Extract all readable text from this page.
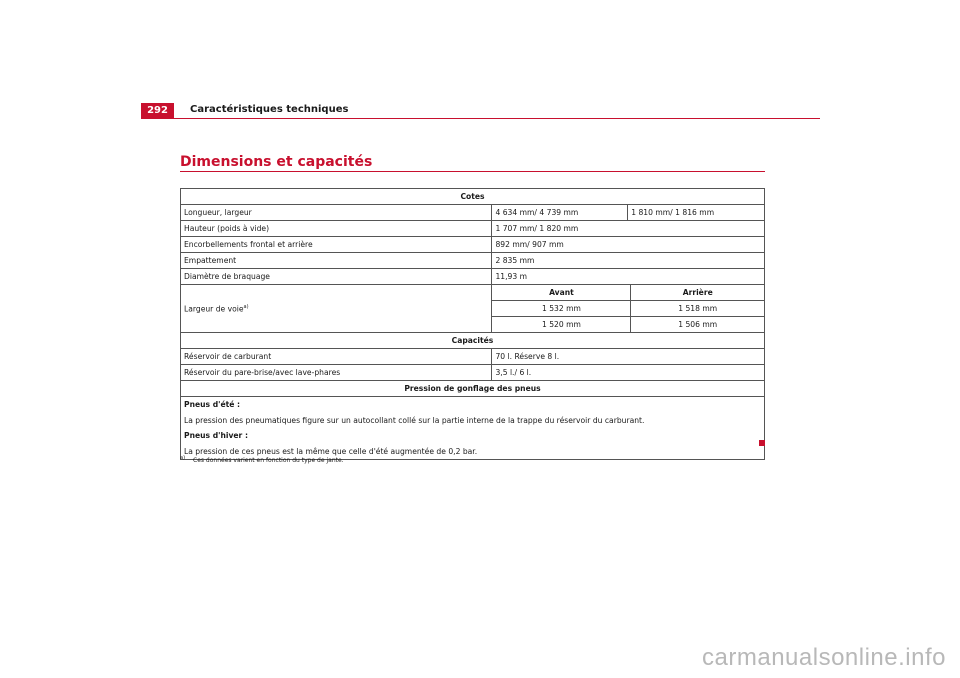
292	Caractéristiques techniques
Dimensions et capacités
Cotes
Longueur, largeur	4 634 mm/ 4 739 mm	1 810 mm/ 1 816 mm
Hauteur (poids à vide)	1 707 mm/ 1 820 mm
Encorbellements frontal et arrière	892 mm/ 907 mm
Empattement	2 835 mm
Diamètre de braquage	11,93 m
Largeur de voie$^{a)}$	
Avant	Arrière
1 532 mm	1 518 mm
1 520 mm	1 506 mm

Capacités
Réservoir de carburant	70 l. Réserve 8 l.
Réservoir du pare-brise/avec lave-phares	3,5 l./ 6 l.
Pression de gonflage des pneus

Pneus d'été :
La pression des pneumatiques figure sur un autocollant collé sur la partie interne de la trappe du réservoir du carburant.
Pneus d'hiver :
La pression de ces pneus est la même que celle d'été augmentée de 0,2 bar.
$^{a)}$ Ces données varient en fonction du type de jante.
carmanualsonline.info
